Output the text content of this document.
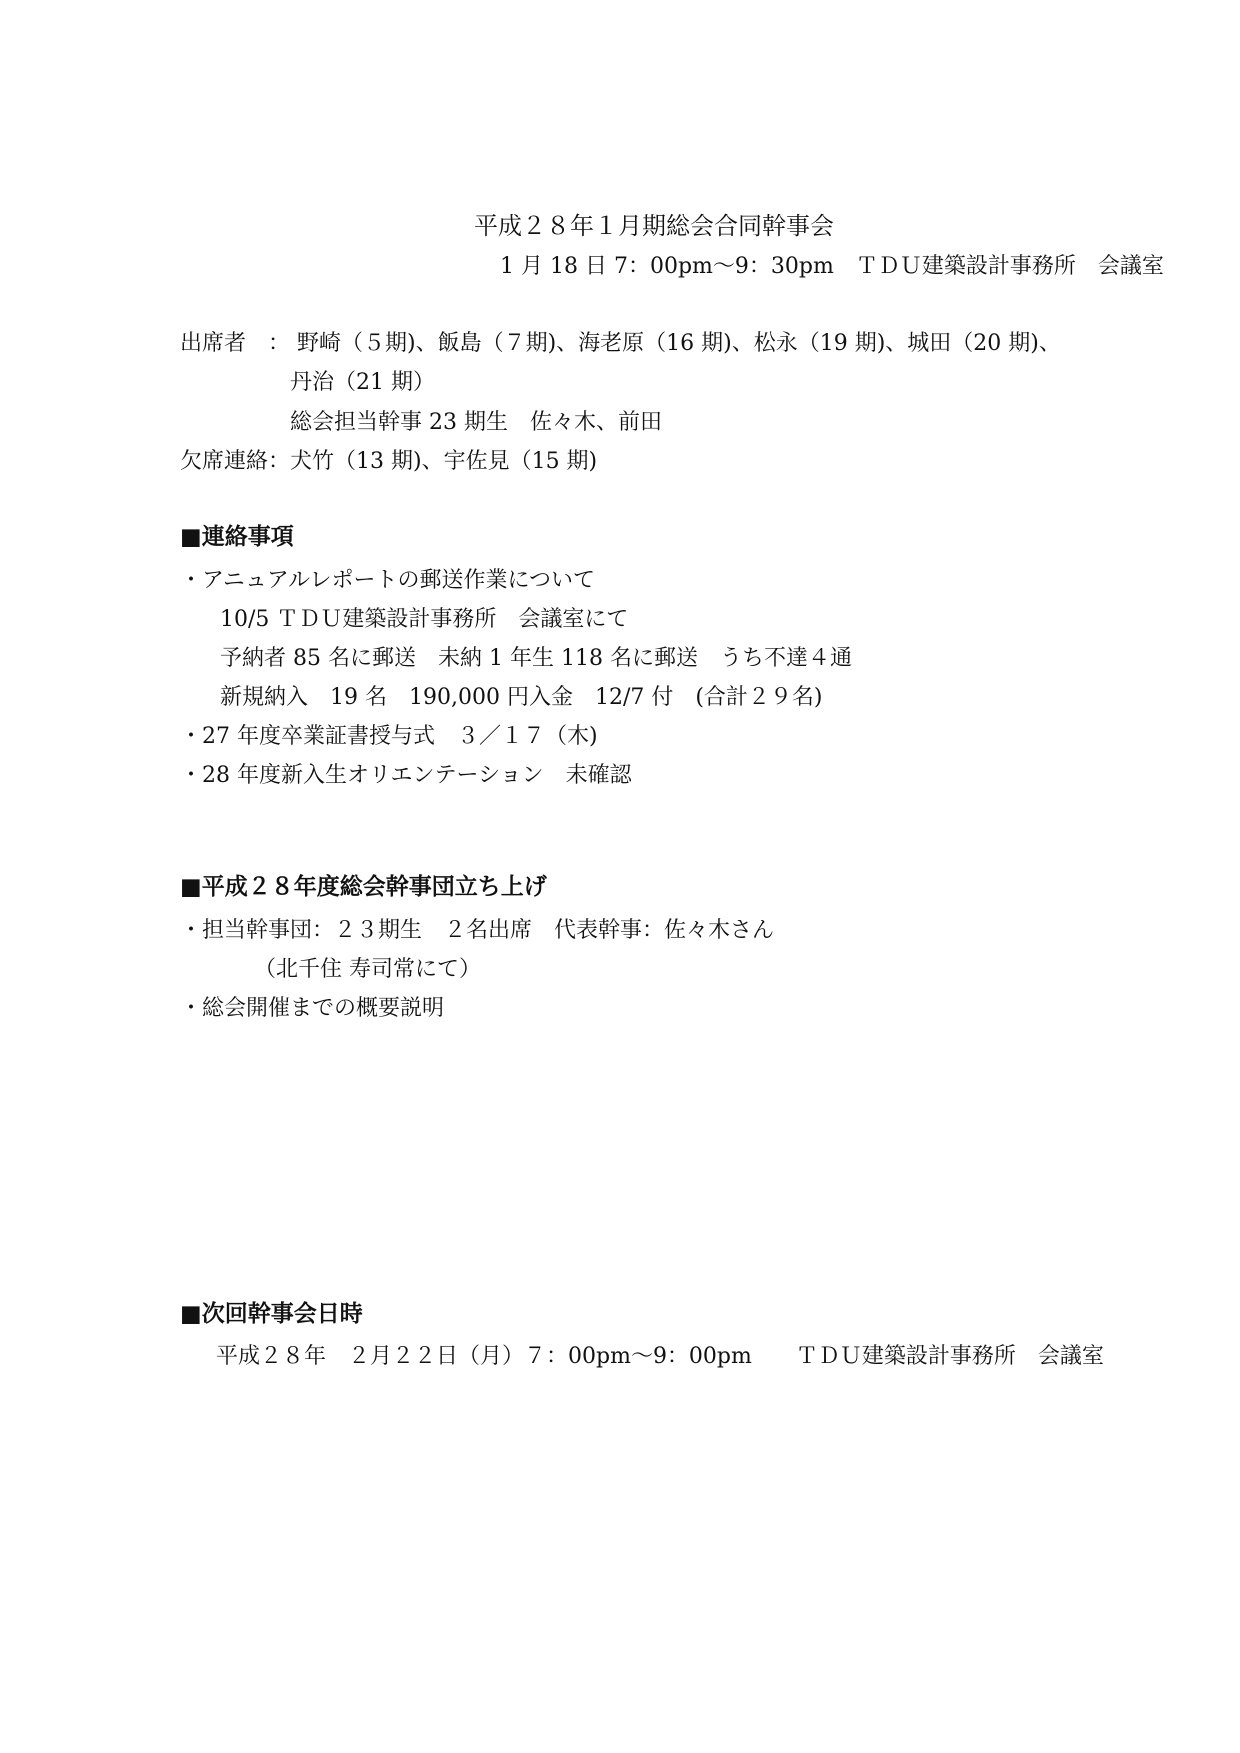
平成２８年１月期総会合同幹事会
1 月 18 日 7：00pm〜9：30pm　ＴＤＵ建築設計事務所　会議室
出席者　： 野崎（５期)、飯島（７期)、海老原（16 期)、松永（19 期)、城田（20 期)、
丹治（21 期）
総会担当幹事 23 期生　佐々木、前田
欠席連絡：犬竹（13 期)、宇佐見（15 期)
■連絡事項
・アニュアルレポートの郵送作業について
10/5 ＴＤＵ建築設計事務所　会議室にて
予納者 85 名に郵送　未納 1 年生 118 名に郵送　うち不達４通
新規納入　19 名　190,000 円入金　12/7 付　(合計２９名)
・27 年度卒業証書授与式　３／１７（木)
・28 年度新入生オリエンテーション　未確認
■平成２８年度総会幹事団立ち上げ
・担当幹事団：２３期生　２名出席　代表幹事：佐々木さん
（北千住 寿司常にて）
・総会開催までの概要説明
■次回幹事会日時
平成２８年　２月２２日（月）７：00pm〜9：00pm　　ＴＤＵ建築設計事務所　会議室
